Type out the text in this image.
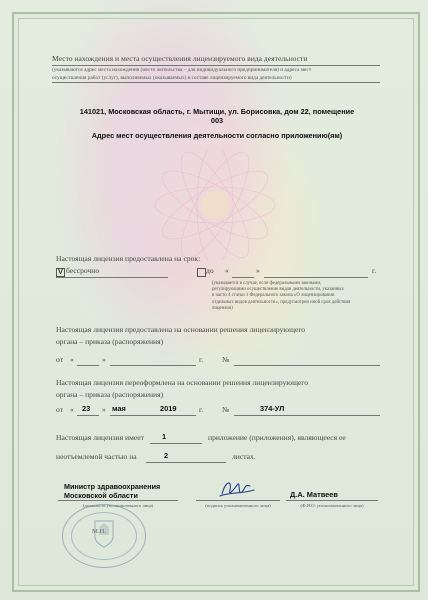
Место нахождения и места осуществления лицензируемого вида деятельности
(указываются адрес места нахождения (место жительства – для индивидуального предпринимателя) и адреса мест
осуществления работ (услуг), выполняемых (оказываемых) в составе лицензируемого вида деятельности)
141021, Московская область, г. Мытищи, ул. Борисовка, дом 22, помещение
003
Адрес мест осуществления деятельности согласно приложению(ям)
Настоящая лицензия предоставлена на срок:
V бессрочно	до «	»	г.
(указывается в случае, если федеральными законами,
регулирующими осуществление видов деятельности, указанных
в части 4 статьи 1 Федерального закона «О лицензировании
отдельных видов деятельности», предусмотрен иной срок действия
лицензии)
Настоящая лицензия предоставлена на основании решения лицензирующего
органа – приказа (распоряжения)
от «	»	г. №
Настоящая лицензия переоформлена на основании решения лицензирующего
органа – приказа (распоряжения)
от « 23 » мая	2019	г. №	374-УЛ
Настоящая лицензия имеет 1	приложение (приложения), являющееся ее
неотъемлемой частью на	2	листах.
Министр здравоохранения
Московской области
(должность уполномоченного лица)	(подпись уполномоченного лица)
Д.А. Матвеев
(Ф.И.О. уполномоченного лица)
М.П.
